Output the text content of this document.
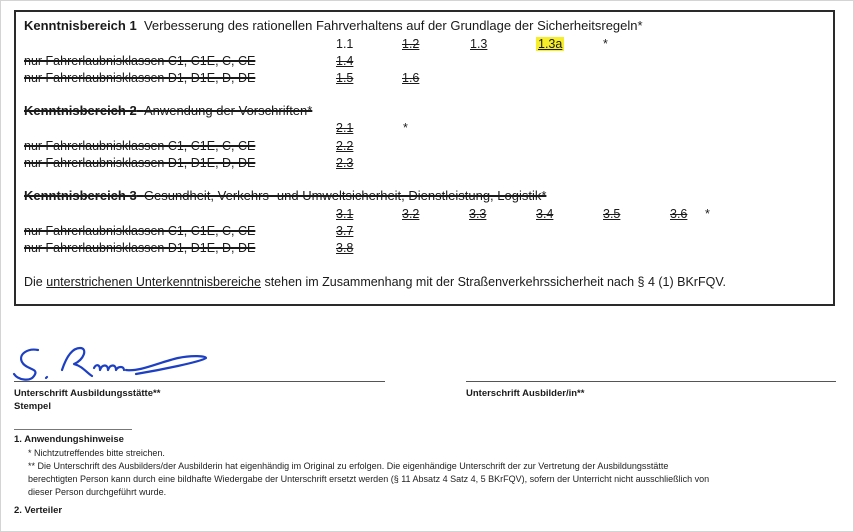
Kenntnisbereich 1 Verbesserung des rationellen Fahrverhaltens auf der Grundlage der Sicherheitsregeln*
1.1	1.2	1.3	1.3a	*
nur Fahrerlaubnisklassen C1, C1E, C, CE	1.4
nur Fahrerlaubnisklassen D1, D1E, D, DE	1.5	1.6
Kenntnisbereich 2 Anwendung der Vorschriften*
2.1	*
nur Fahrerlaubnisklassen C1, C1E, C, CE	2.2
nur Fahrerlaubnisklassen D1, D1E, D, DE	2.3
Kenntnisbereich 3 Gesundheit, Verkehrs- und Umweltsicherheit, Dienstleistung, Logistik*
3.1	3.2	3.3	3.4	3.5	3.6 *
nur Fahrerlaubnisklassen C1, C1E, C, CE	3.7
nur Fahrerlaubnisklassen D1, D1E, D, DE	3.8
Die unterstrichenen Unterkenntnisbereiche stehen im Zusammenhang mit der Straßenverkehrssicherheit nach § 4 (1) BKrFQV.
Unterschrift Ausbildungsstätte**
Stempel
Unterschrift Ausbilder/in**
1. Anwendungshinweise
* Nichtzutreffendes bitte streichen.
** Die Unterschrift des Ausbilders/der Ausbilderin hat eigenhändig im Original zu erfolgen. Die eigenhändige Unterschrift der zur Vertretung der Ausbildungsstätte
berechtigten Person kann durch eine bildhafte Wiedergabe der Unterschrift ersetzt werden (§ 11 Absatz 4 Satz 4, 5 BKrFQV), sofern der Unterricht nicht ausschließlich von
dieser Person durchgeführt wurde.
2. Verteiler
